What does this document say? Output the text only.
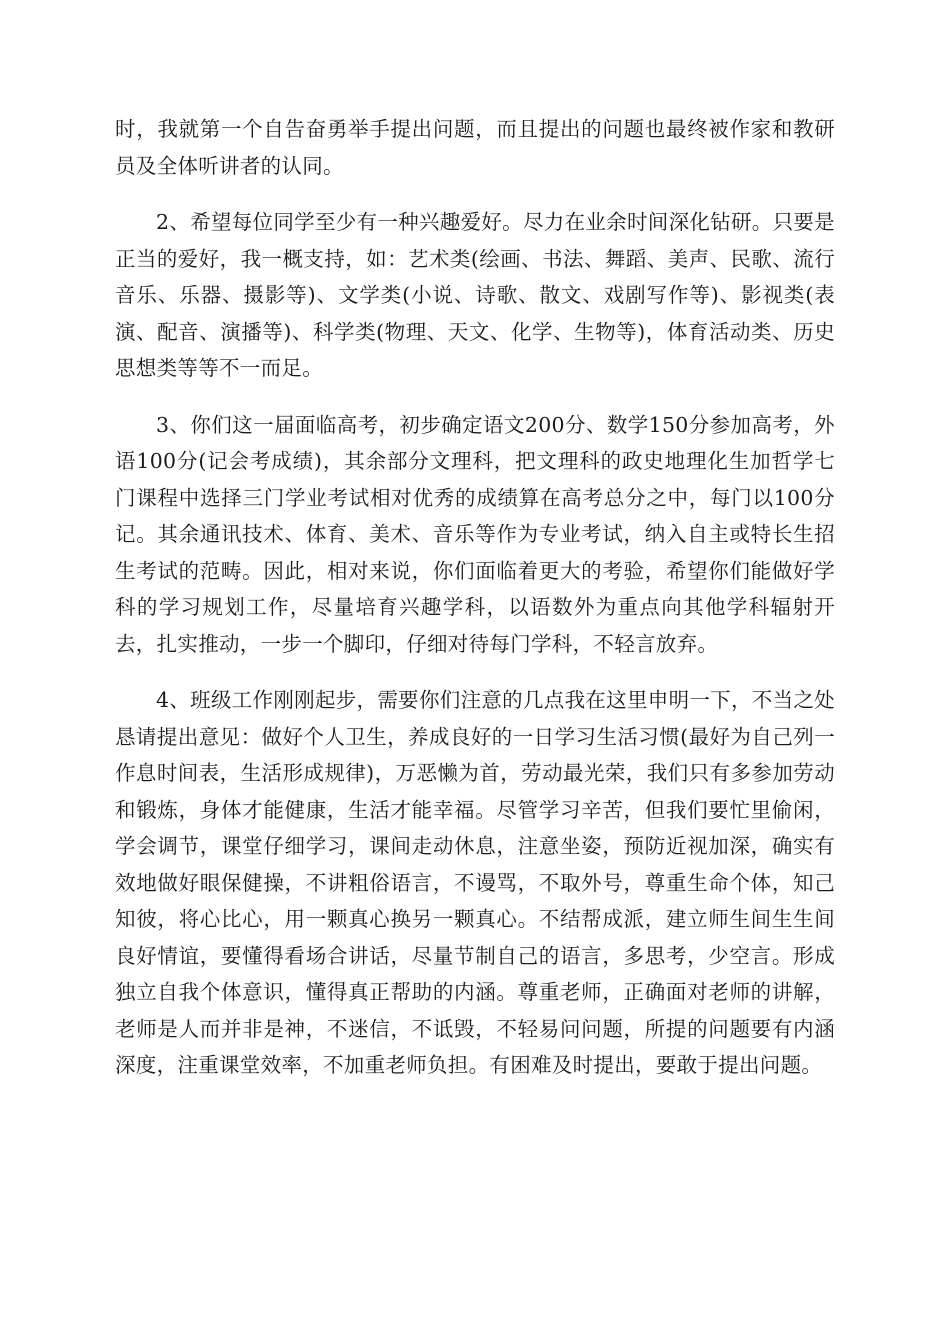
时，我就第一个自告奋勇举手提出问题，而且提出的问题也最终被作家和教研员及全体听讲者的认同。

2、希望每位同学至少有一种兴趣爱好。尽力在业余时间深化钻研。只要是正当的爱好，我一概支持，如：艺术类(绘画、书法、舞蹈、美声、民歌、流行音乐、乐器、摄影等)、文学类(小说、诗歌、散文、戏剧写作等)、影视类(表演、配音、演播等)、科学类(物理、天文、化学、生物等)，体育活动类、历史思想类等等不一而足。

3、你们这一届面临高考，初步确定语文200分、数学150分参加高考，外语100分(记会考成绩)，其余部分文理科，把文理科的政史地理化生加哲学七门课程中选择三门学业考试相对优秀的成绩算在高考总分之中，每门以100分记。其余通讯技术、体育、美术、音乐等作为专业考试，纳入自主或特长生招生考试的范畴。因此，相对来说，你们面临着更大的考验，希望你们能做好学科的学习规划工作，尽量培育兴趣学科，以语数外为重点向其他学科辐射开去，扎实推动，一步一个脚印，仔细对待每门学科，不轻言放弃。

4、班级工作刚刚起步，需要你们注意的几点我在这里申明一下，不当之处恳请提出意见：做好个人卫生，养成良好的一日学习生活习惯(最好为自己列一作息时间表，生活形成规律)，万恶懒为首，劳动最光荣，我们只有多参加劳动和锻炼，身体才能健康，生活才能幸福。尽管学习辛苦，但我们要忙里偷闲，学会调节，课堂仔细学习，课间走动休息，注意坐姿，预防近视加深，确实有效地做好眼保健操，不讲粗俗语言，不谩骂，不取外号，尊重生命个体，知己知彼，将心比心，用一颗真心换另一颗真心。不结帮成派，建立师生间生生间良好情谊，要懂得看场合讲话，尽量节制自己的语言，多思考，少空言。形成独立自我个体意识，懂得真正帮助的内涵。尊重老师，正确面对老师的讲解，老师是人而并非是神，不迷信，不诋毁，不轻易问问题，所提的问题要有内涵深度，注重课堂效率，不加重老师负担。有困难及时提出，要敢于提出问题。
